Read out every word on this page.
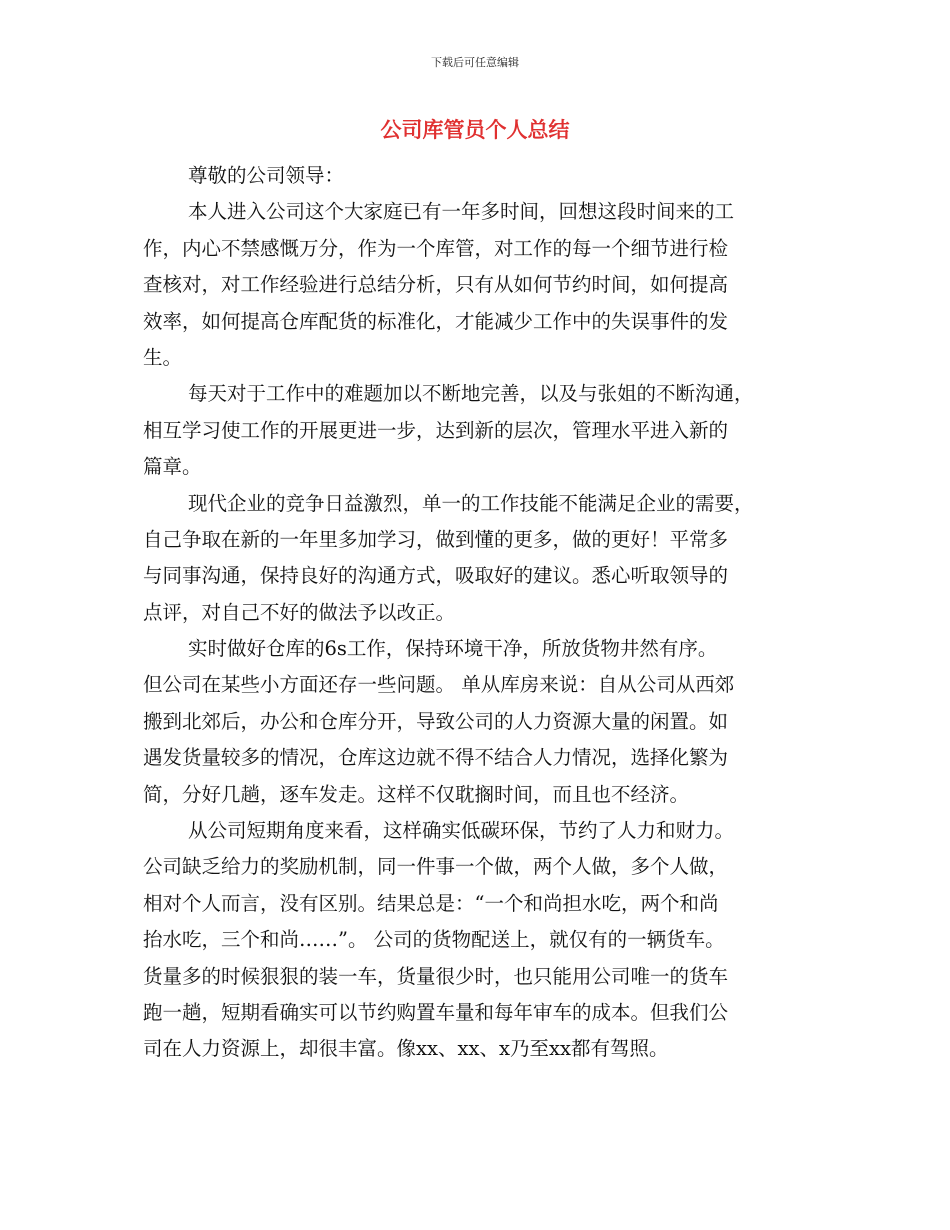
下载后可任意编辑
公司库管员个人总结
尊敬的公司领导：
本人进入公司这个大家庭已有一年多时间，回想这段时间来的工
作，内心不禁感慨万分，作为一个库管，对工作的每一个细节进行检
查核对，对工作经验进行总结分析，只有从如何节约时间，如何提高
效率，如何提高仓库配货的标准化，才能减少工作中的失误事件的发
生。
每天对于工作中的难题加以不断地完善，以及与张姐的不断沟通，
相互学习使工作的开展更进一步，达到新的层次，管理水平进入新的
篇章。
现代企业的竞争日益激烈，单一的工作技能不能满足企业的需要，
自己争取在新的一年里多加学习，做到懂的更多，做的更好！平常多
与同事沟通，保持良好的沟通方式，吸取好的建议。悉心听取领导的
点评，对自己不好的做法予以改正。
实时做好仓库的6s工作，保持环境干净，所放货物井然有序。
但公司在某些小方面还存一些问题。 单从库房来说：自从公司从西郊
搬到北郊后，办公和仓库分开，导致公司的人力资源大量的闲置。如
遇发货量较多的情况，仓库这边就不得不结合人力情况，选择化繁为
简，分好几趟，逐车发走。这样不仅耽搁时间，而且也不经济。
从公司短期角度来看，这样确实低碳环保，节约了人力和财力。
公司缺乏给力的奖励机制，同一件事一个做，两个人做，多个人做，
相对个人而言，没有区别。结果总是：“一个和尚担水吃，两个和尚
抬水吃，三个和尚……”。 公司的货物配送上，就仅有的一辆货车。
货量多的时候狠狠的装一车，货量很少时，也只能用公司唯一的货车
跑一趟，短期看确实可以节约购置车量和每年审车的成本。但我们公
司在人力资源上，却很丰富。像xx、xx、x乃至xx都有驾照。
